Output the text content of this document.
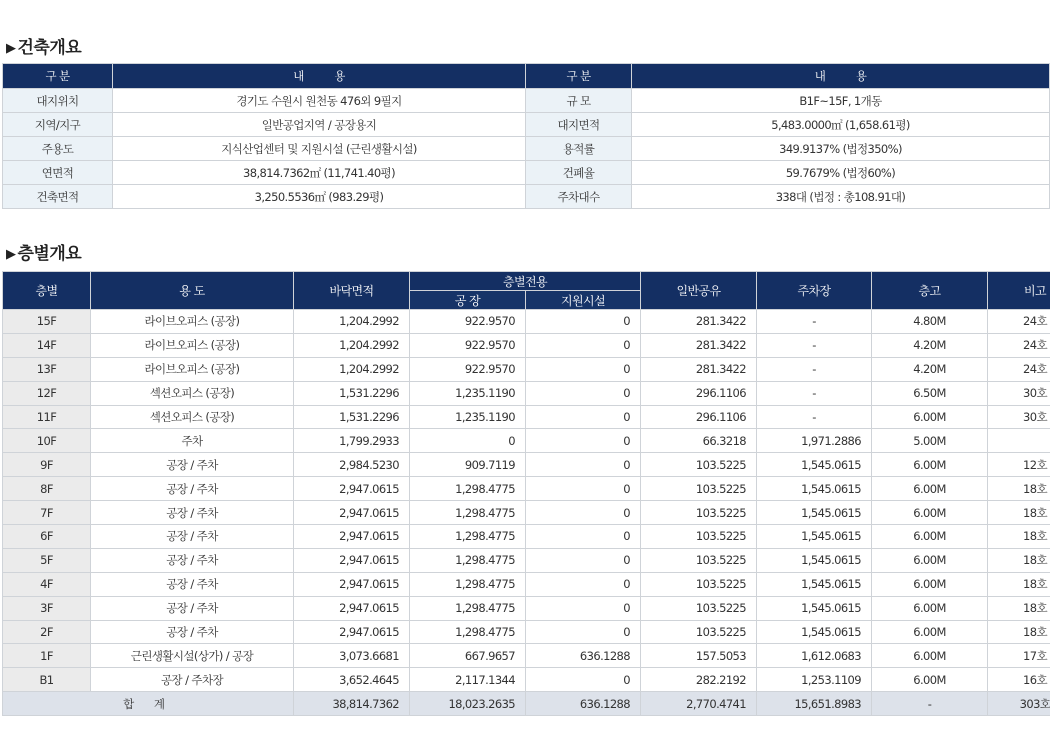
▶ 건축개요
구 분	내          용	구 분	내          용
대지위치	경기도 수원시 원천동 476외 9필지	규 모	B1F~15F, 1개동
지역/지구	일반공업지역 / 공장용지	대지면적	5,483.0000㎡ (1,658.61평)
주용도	지식산업센터 및 지원시설 (근린생활시설)	용적률	349.9137% (법정350%)
연면적	38,814.7362㎡ (11,741.40평)	건폐율	59.7679% (법정60%)
건축면적	3,250.5536㎡ (983.29평)	주차대수	338대 (법정 : 총108.91대)
▶ 층별개요
층별	용 도	바닥면적	층별전용		일반공유	주차장	층고	비고
			공 장	지원시설				
15F	라이브오피스 (공장)	1,204.2992	922.9570	0	281.3422	-	4.80M	24호
14F	라이브오피스 (공장)	1,204.2992	922.9570	0	281.3422	-	4.20M	24호
13F	라이브오피스 (공장)	1,204.2992	922.9570	0	281.3422	-	4.20M	24호
12F	섹션오피스 (공장)	1,531.2296	1,235.1190	0	296.1106	-	6.50M	30호
11F	섹션오피스 (공장)	1,531.2296	1,235.1190	0	296.1106	-	6.00M	30호
10F	주차	1,799.2933	0	0	66.3218	1,971.2886	5.00M	
9F	공장 / 주차	2,984.5230	909.7119	0	103.5225	1,545.0615	6.00M	12호
8F	공장 / 주차	2,947.0615	1,298.4775	0	103.5225	1,545.0615	6.00M	18호
7F	공장 / 주차	2,947.0615	1,298.4775	0	103.5225	1,545.0615	6.00M	18호
6F	공장 / 주차	2,947.0615	1,298.4775	0	103.5225	1,545.0615	6.00M	18호
5F	공장 / 주차	2,947.0615	1,298.4775	0	103.5225	1,545.0615	6.00M	18호
4F	공장 / 주차	2,947.0615	1,298.4775	0	103.5225	1,545.0615	6.00M	18호
3F	공장 / 주차	2,947.0615	1,298.4775	0	103.5225	1,545.0615	6.00M	18호
2F	공장 / 주차	2,947.0615	1,298.4775	0	103.5225	1,545.0615	6.00M	18호
1F	근린생활시설(상가) / 공장	3,073.6681	667.9657	636.1288	157.5053	1,612.0683	6.00M	17호
B1	공장 / 주차장	3,652.4645	2,117.1344	0	282.2192	1,253.1109	6.00M	16호
합 계		38,814.7362	18,023.2635	636.1288	2,770.4741	15,651.8983	-	303호
